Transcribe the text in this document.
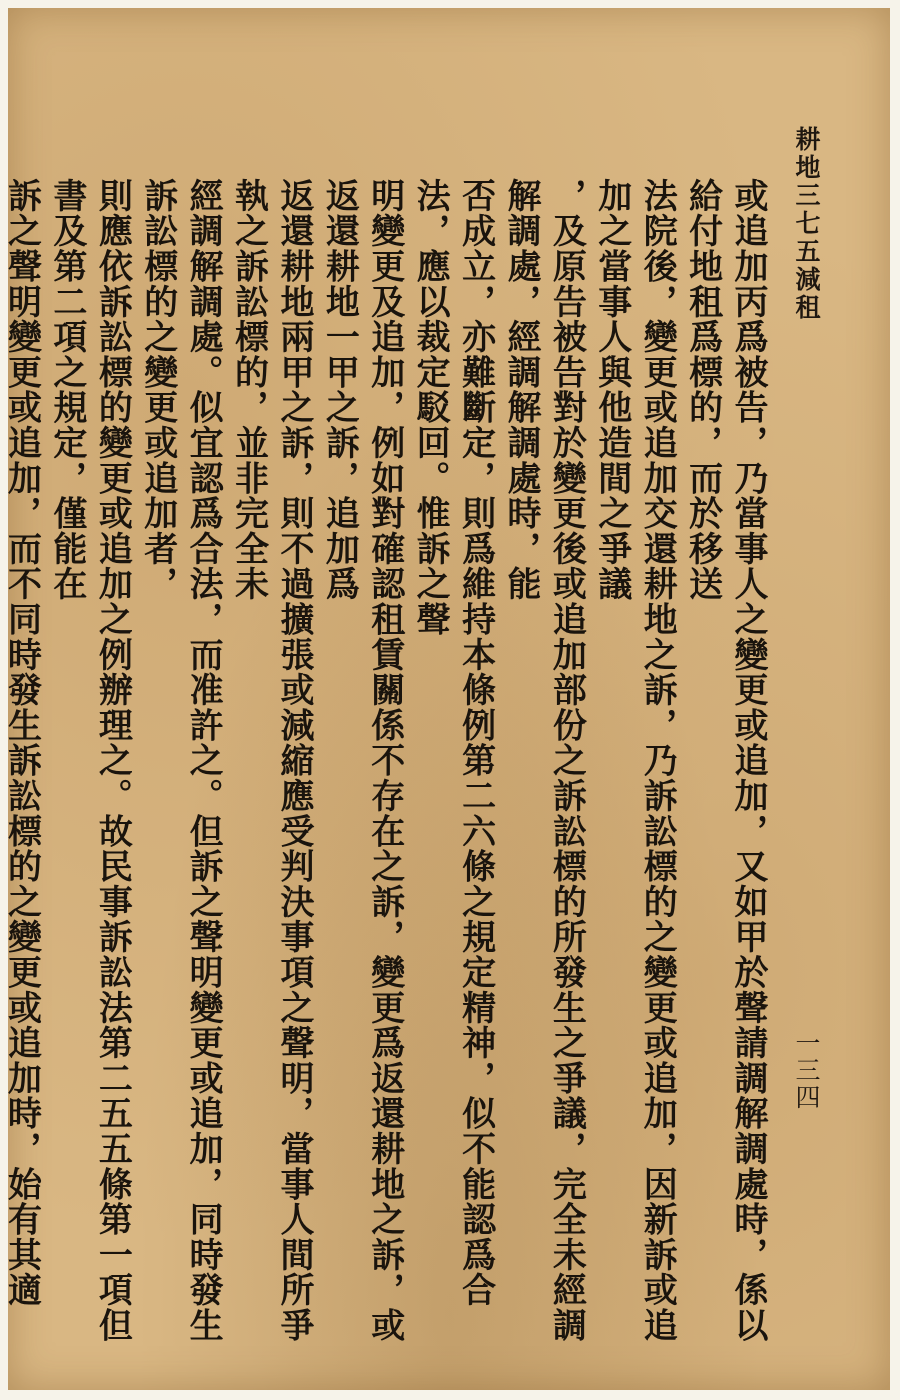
耕地三七五減租
一三四
或追加丙爲被告，乃當事人之變更或追加，又如甲於聲請調解調處時，係以給付地租爲標的，而於移送
法院後，變更或追加交還耕地之訴，乃訴訟標的之變更或追加，因新訴或追加之當事人與他造間之爭議
，及原告被告對於變更後或追加部份之訴訟標的所發生之爭議，完全未經調解調處，經調解調處時，能
否成立，亦難斷定，則爲維持本條例第二六條之規定精神，似不能認爲合法，應以裁定駁回。惟訴之聲
明變更及追加，例如對確認租賃關係不存在之訴，變更爲返還耕地之訴，或返還耕地一甲之訴，追加爲
返還耕地兩甲之訴，則不過擴張或減縮應受判決事項之聲明，當事人間所爭執之訴訟標的，並非完全未
經調解調處。似宜認爲合法，而准許之。但訴之聲明變更或追加，同時發生訴訟標的之變更或追加者，
則應依訴訟標的變更或追加之例辦理之。故民事訴訟法第二五五條第一項但書及第二項之規定，僅能在
訴之聲明變更或追加，而不同時發生訴訟標的之變更或追加時，始有其適
